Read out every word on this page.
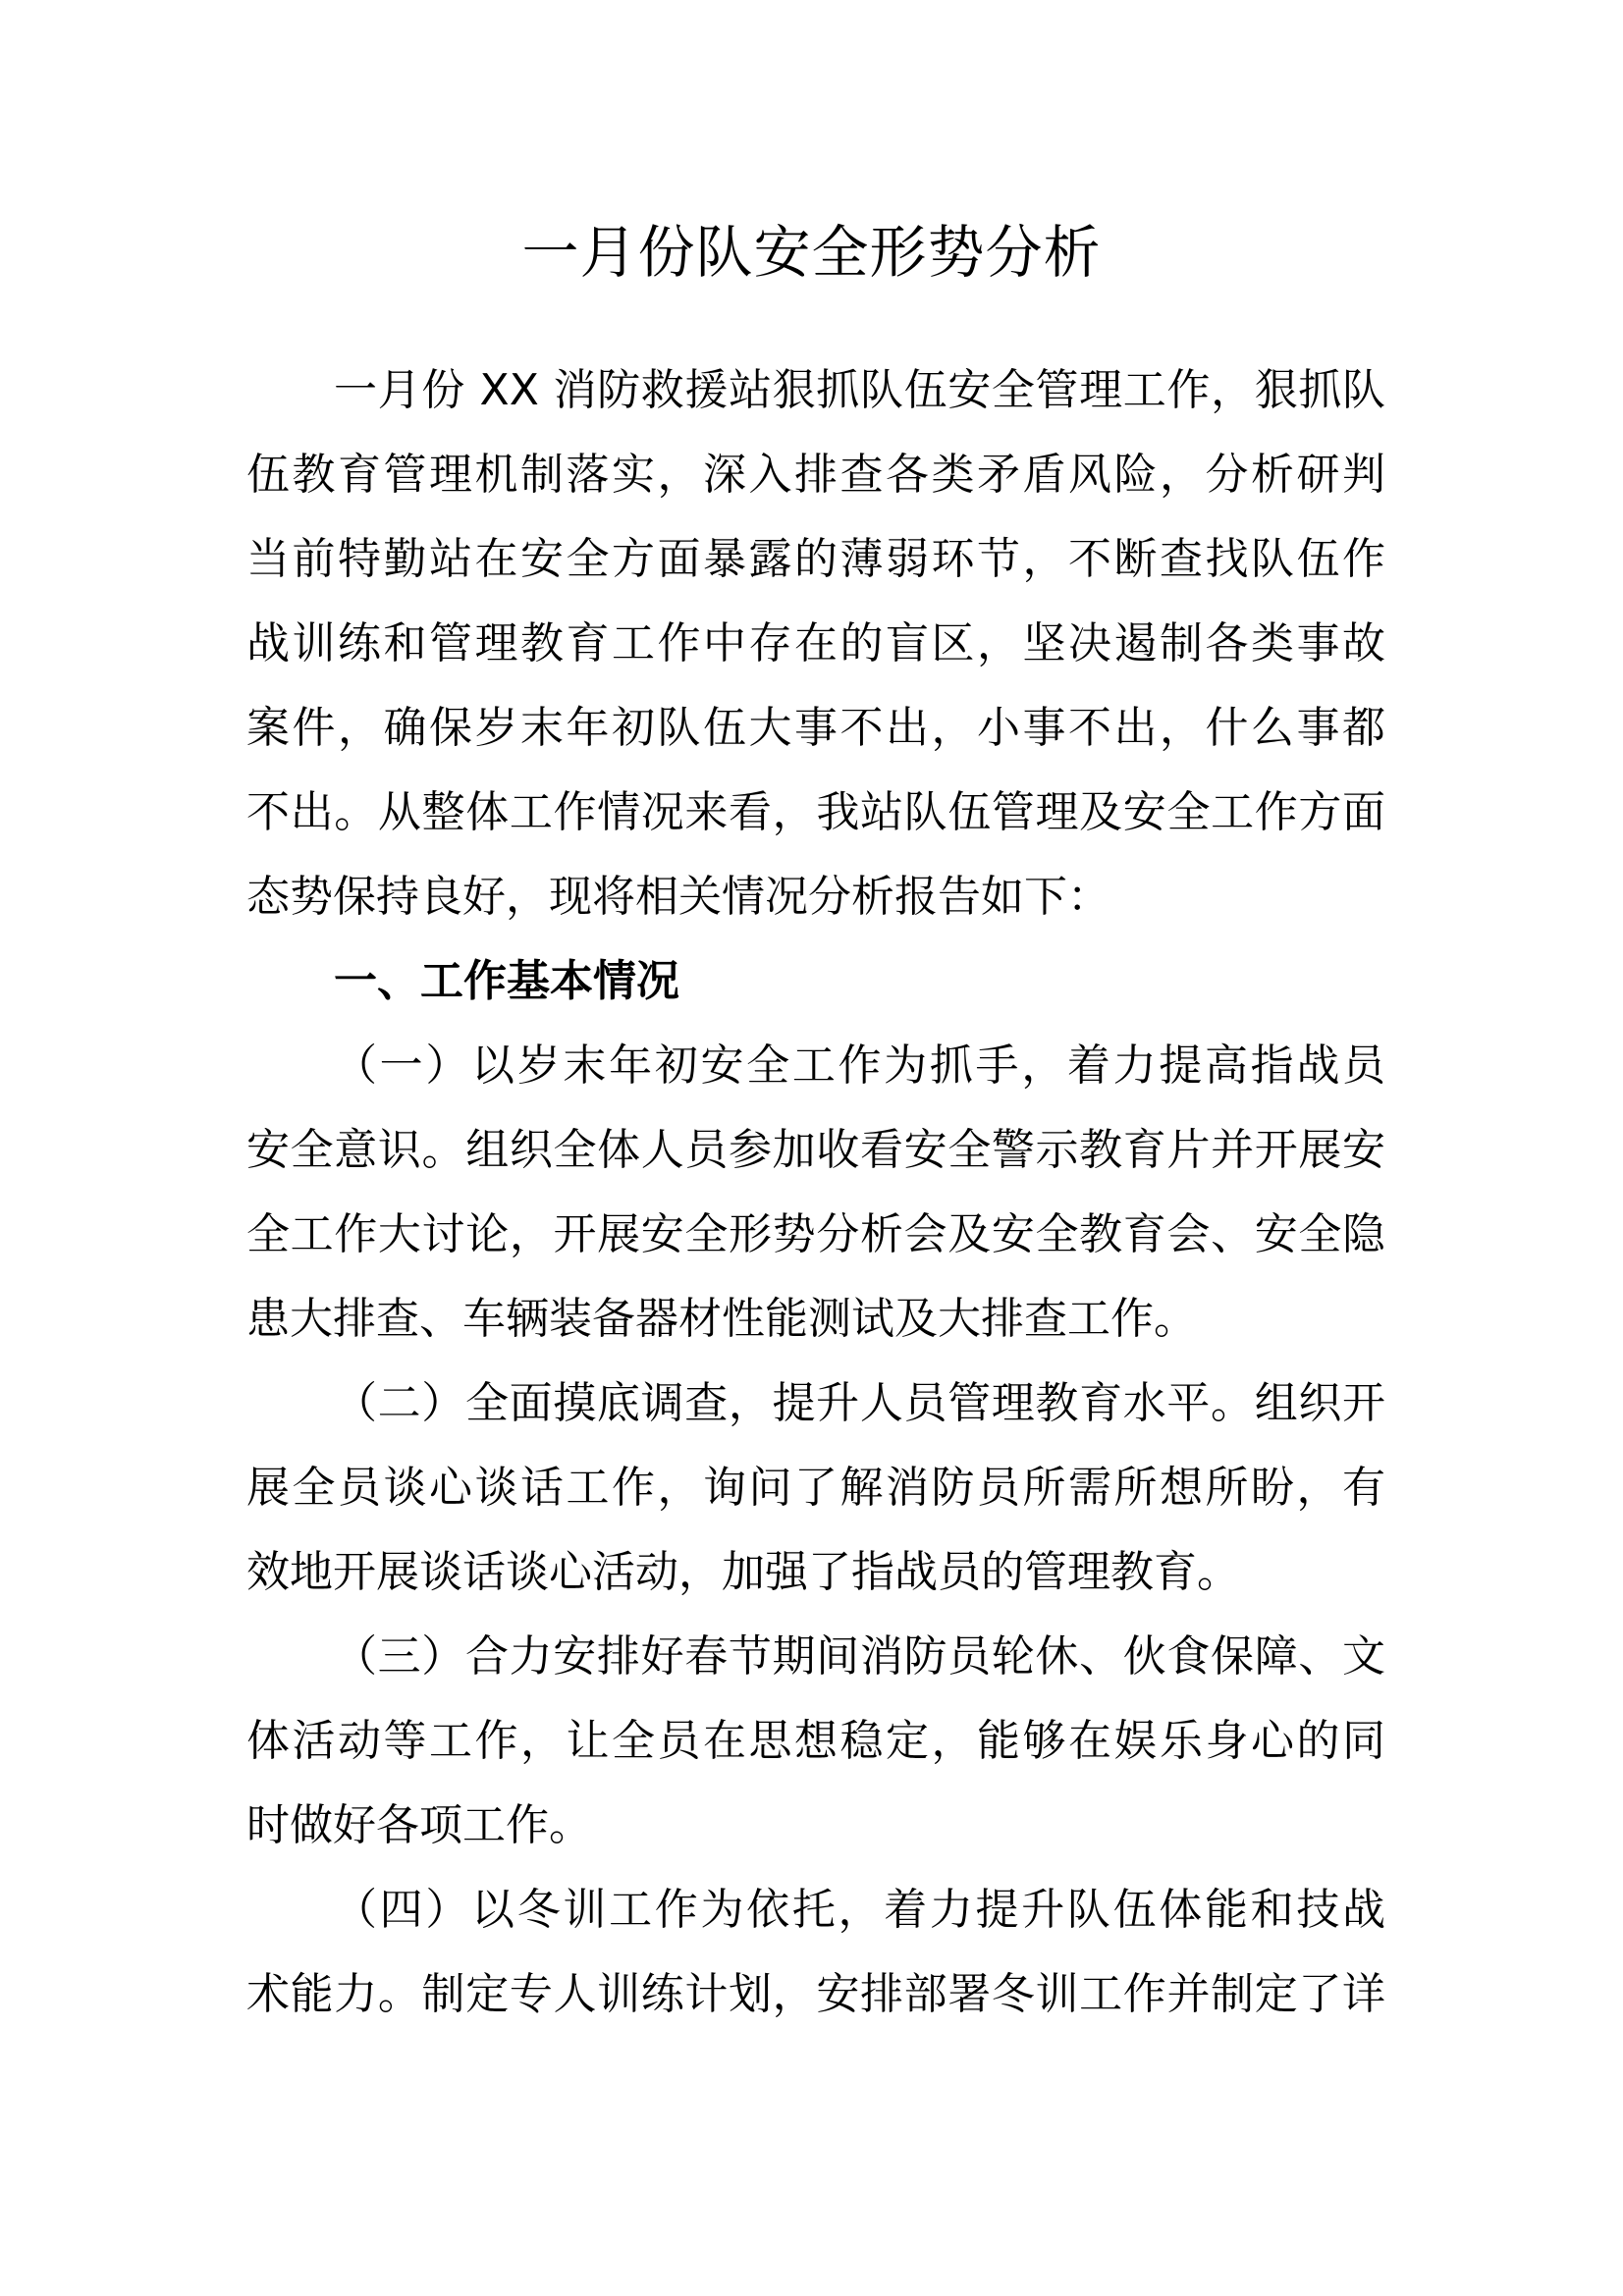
一月份队安全形势分析
一月份 XX 消防救援站狠抓队伍安全管理工作，狠抓队
伍教育管理机制落实，深入排查各类矛盾风险，分析研判
当前特勤站在安全方面暴露的薄弱环节，不断查找队伍作
战训练和管理教育工作中存在的盲区，坚决遏制各类事故
案件，确保岁末年初队伍大事不出，小事不出，什么事都
不出。从整体工作情况来看，我站队伍管理及安全工作方面
态势保持良好，现将相关情况分析报告如下：
一、工作基本情况
（一）以岁末年初安全工作为抓手，着力提高指战员
安全意识。组织全体人员参加收看安全警示教育片并开展安
全工作大讨论，开展安全形势分析会及安全教育会、安全隐
患大排查、车辆装备器材性能测试及大排查工作。
（二）全面摸底调查，提升人员管理教育水平。组织开
展全员谈心谈话工作，询问了解消防员所需所想所盼，有
效地开展谈话谈心活动，加强了指战员的管理教育。
（三）合力安排好春节期间消防员轮休、伙食保障、文
体活动等工作，让全员在思想稳定，能够在娱乐身心的同
时做好各项工作。
（四）以冬训工作为依托，着力提升队伍体能和技战
术能力。制定专人训练计划，安排部署冬训工作并制定了详
